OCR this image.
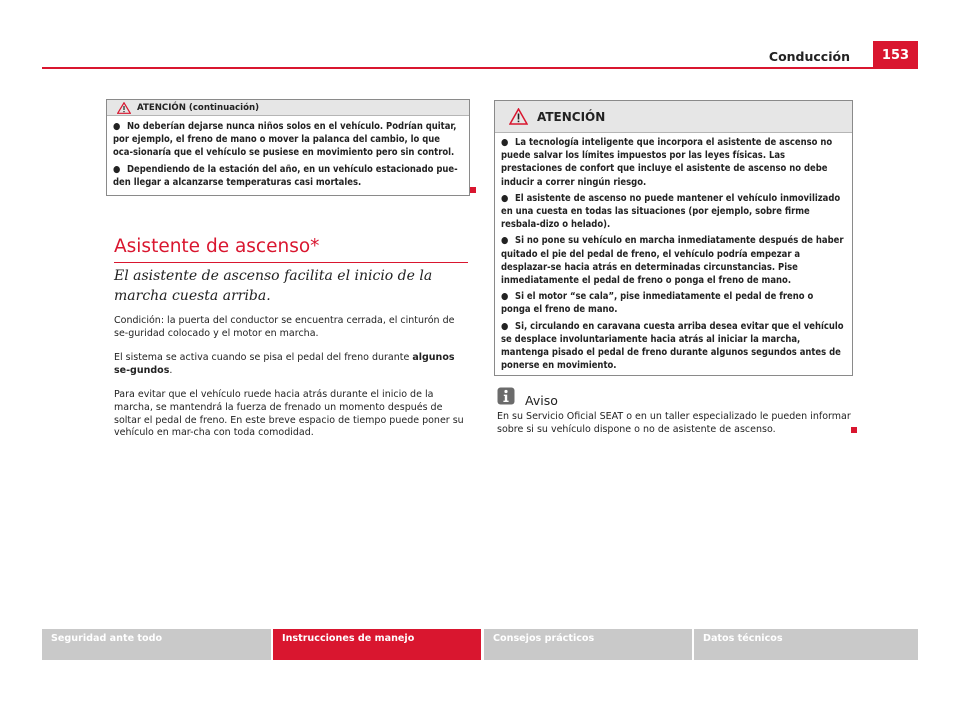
Conducción	153
ATENCIÓN (continuación)

● No deberían dejarse nunca niños solos en el vehículo. Podrían quitar, por ejemplo, el freno de mano o mover la palanca del cambio, lo que oca-sionaría que el vehículo se pusiese en movimiento pero sin control.

● Dependiendo de la estación del año, en un vehículo estacionado pue-den llegar a alcanzarse temperaturas casi mortales.

Asistente de ascenso*
El asistente de ascenso facilita el inicio de la marcha cuesta arriba.
Condición: la puerta del conductor se encuentra cerrada, el cinturón de se-guridad colocado y el motor en marcha.
El sistema se activa cuando se pisa el pedal del freno durante algunos se-gundos.
Para evitar que el vehículo ruede hacia atrás durante el inicio de la marcha, se mantendrá la fuerza de frenado un momento después de soltar el pedal de freno. En este breve espacio de tiempo puede poner su vehículo en mar-cha con toda comodidad.
ATENCIÓN

● La tecnología inteligente que incorpora el asistente de ascenso no puede salvar los límites impuestos por las leyes físicas. Las prestaciones de confort que incluye el asistente de ascenso no debe inducir a correr ningún riesgo.

● El asistente de ascenso no puede mantener el vehículo inmovilizado en una cuesta en todas las situaciones (por ejemplo, sobre firme resbala-dizo o helado).

● Si no pone su vehículo en marcha inmediatamente después de haber quitado el pie del pedal de freno, el vehículo podría empezar a desplazar-se hacia atrás en determinadas circunstancias. Pise inmediatamente el pedal de freno o ponga el freno de mano.

● Si el motor “se cala”, pise inmediatamente el pedal de freno o ponga el freno de mano.

● Si, circulando en caravana cuesta arriba desea evitar que el vehículo se desplace involuntariamente hacia atrás al iniciar la marcha, mantenga pisado el pedal de freno durante algunos segundos antes de ponerse en movimiento.

Aviso
En su Servicio Oficial SEAT o en un taller especializado le pueden informar sobre si su vehículo dispone o no de asistente de ascenso.
Seguridad ante todo	Instrucciones de manejo	Consejos prácticos	Datos técnicos
